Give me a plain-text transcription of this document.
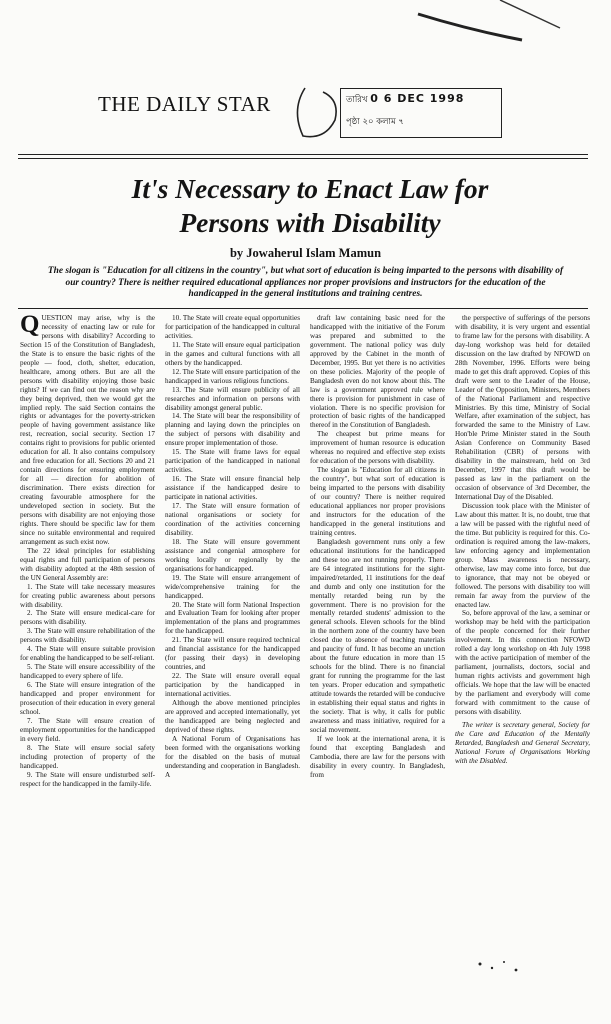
THE DAILY STAR	তারিখ 0 6 DEC 1998
পৃষ্ঠা ২০ কলাম ৭
It's Necessary to Enact Law for
Persons with Disability

by Jowaherul Islam Mamun

The slogan is "Education for all citizens in the country", but what sort of education is being imparted to the persons with disability of our country? There is neither required educational appliances nor proper provisions and instructors for the education of the handicapped in the general institutions and training centres.

QUESTION may arise, why is the necessity of enacting law or rule for persons with disability? According to Section 15 of the Constitution of Bangladesh, the State is to ensure the basic rights of the people — food, cloth, shelter, education, healthcare, among others. But are all the persons with disability enjoying those basic rights? If we can find out the reason why are they being deprived, then we would get the implied reply. The said Section contains the rights or advantages for the poverty-stricken people of having government assistance like rest, recreation, social security. Section 17 contains right to provisions for public oriented education for all. It also contains compulsory and free education for all. Sections 20 and 21 contain directions for ensuring employment for all — direction for abolition of discrimination. There exists direction for creating favourable atmosphere for the undeveloped section in society. But the persons with disability are not enjoying those rights. There should be specific law for them since no suitable environmental and required arrangement as such exist now.

The 22 ideal principles for establishing equal rights and full participation of persons with disability adopted at the 48th session of the UN General Assembly are:

1. The State will take necessary measures for creating public awareness about persons with disability.

2. The State will ensure medical-care for persons with disability.

3. The State will ensure rehabilitation of the persons with disability.

4. The State will ensure suitable provision for enabling the handicapped to be self-reliant.

5. The State will ensure accessibility of the handicapped to every sphere of life.

6. The State will ensure integration of the handicapped and proper environment for prosecution of their education in every general school.

7. The State will ensure creation of employment opportunities for the handicapped in every field.

8. The State will ensure social safety including protection of property of the handicapped.

9. The State will ensure undisturbed self-respect for the handicapped in the family-life.

10. The State will create equal opportunities for participation of the handicapped in cultural activities.

11. The State will ensure equal participation in the games and cultural functions with all others by the handicapped.

12. The State will ensure participation of the handicapped in various religious functions.

13. The State will ensure publicity of all researches and information on persons with disability amongst general public.

14. The State will bear the responsibility of planning and laying down the principles on the subject of persons with disability and ensure proper implementation of those.

15. The State will frame laws for equal participation of the handicapped in national activities.

16. The State will ensure financial help assistance if the handicapped desire to participate in national activities.

17. The State will ensure formation of national organisations or society for coordination of the activities concerning disability.

18. The State will ensure government assistance and congenial atmosphere for working locally or regionally by the organisations for handicapped.

19. The State will ensure arrangement of wide/comprehensive training for the handicapped.

20. The State will form National Inspection and Evaluation Team for looking after proper implementation of the plans and programmes for the handicapped.

21. The State will ensure required technical and financial assistance for the handicapped (for passing their days) in developing countries, and

22. The State will ensure overall equal participation by the handicapped in international activities.

Although the above mentioned principles are approved and accepted internationally, yet the handicapped are being neglected and deprived of these rights.

A National Forum of Organisations has been formed with the organisations working for the disabled on the basis of mutual understanding and cooperation in Bangladesh. A

draft law containing basic need for the handicapped with the initiative of the Forum was prepared and submitted to the government. The national policy was duly approved by the Cabinet in the month of December, 1995. But yet there is no activities on these policies. Majority of the people of Bangladesh even do not know about this. The law is a government approved rule where there is provision for punishment in case of violation. There is no specific provision for protection of basic rights of the handicapped thereof in the Constitution of Bangladesh.

The cheapest but prime means for improvement of human resource is education whereas no required and effective step exists for education of the persons with disability.

The slogan is "Education for all citizens in the country", but what sort of education is being imparted to the persons with disability of our country? There is neither required educational appliances nor proper provisions and instructors for the education of the handicapped in the general institutions and training centres.

Bangladesh government runs only a few educational institutions for the handicapped and these too are not running properly. There are 64 integrated institutions for the sight-impaired/retarded, 11 institutions for the deaf and dumb and only one institution for the mentally retarded being run by the government. There is no provision for the mentally retarded students' admission to the general schools. Eleven schools for the blind in the northern zone of the country have been closed due to absence of teaching materials and paucity of fund. It has become an unction about the future education in more than 15 schools for the blind. There is no financial grant for running the programme for the last ten years. Proper education and sympathetic attitude towards the retarded will be conducive in establishing their equal status and rights in the society. That is why, it calls for public awareness and mass initiative, required for a social movement.

If we look at the international arena, it is found that excepting Bangladesh and Cambodia, there are law for the persons with disability in every country. In Bangladesh, from

the perspective of sufferings of the persons with disability, it is very urgent and essential to frame law for the persons with disability. A day-long workshop was held for detailed discussion on the law drafted by NFOWD on 28th November, 1996. Efforts were being made to get this draft approved. Copies of this draft were sent to the Leader of the House, Leader of the Opposition, Ministers, Members of the National Parliament and respective Ministries. By this time, Ministry of Social Welfare, after examination of the subject, has forwarded the same to the Ministry of Law. Hon'ble Prime Minister stated in the South Asian Conference on Community Based Rehabilitation (CBR) of persons with disability in the mainstream, held on 3rd December, 1997 that this draft would be passed as law in the parliament on the occasion of observance of 3rd December, the International Day of the Disabled.

Discussion took place with the Minister of Law about this matter. It is, no doubt, true that a law will be passed with the rightful need of the time. But publicity is required for this. Co-ordination is required among the law-makers, law enforcing agency and implementation group. Mass awareness is necessary, otherwise, law may come into force, but due to ignorance, that may not be obeyed or followed. The persons with disability too will remain far away from the purview of the enacted law.

So, before approval of the law, a seminar or workshop may be held with the participation of the people concerned for their further involvement. In this connection NFOWD rolled a day long workshop on 4th July 1998 with the active participation of member of the parliament, journalists, doctors, social and human rights activists and government high officials. We hope that the law will be enacted by the parliament and everybody will come forward with commitment to the cause of persons with disability.

The writer is secretary general, Society for the Care and Education of the Mentally Retarded, Bangladesh and General Secretary, National Forum of Organisations Working with the Disabled.
